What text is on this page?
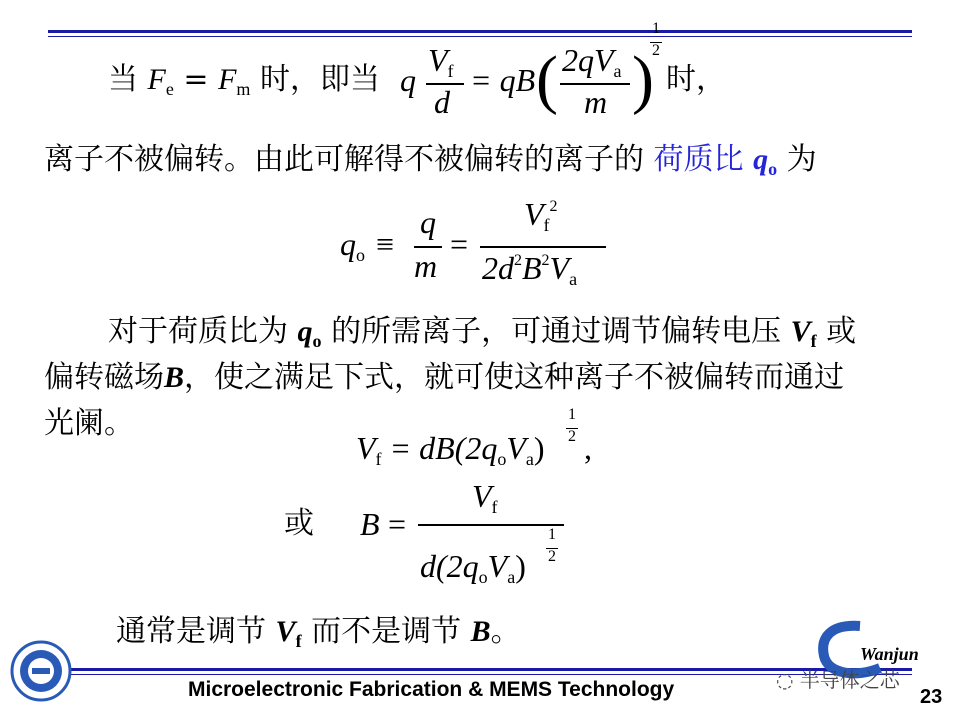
当 $F_e = F_m$ 时，即当 q
$V_f$
d
= qB ( $2qV_a$
m )
1
2
时，
离子不被偏转。由此可解得不被偏转的离子的 荷质比 $q_o$ 为
$q_o$ ≡
q
m
=
$V_f^2$
$2d^2B^2V_a$
对于荷质比为 $q_o$ 的所需离子，可通过调节偏转电压 $V_f$ 或
偏转磁场B，使之满足下式，就可使这种离子不被偏转而通过
光阑。
$V_f = dB(2q_oV_a)$
1
2 ,
或 B =
$V_f$
$d(2q_oV_a)$
1
2
通常是调节 $V_f$ 而不是调节 B。
Microelectronic Fabrication & MEMS Technology
Wanjun
◌ 半导体之芯
23
